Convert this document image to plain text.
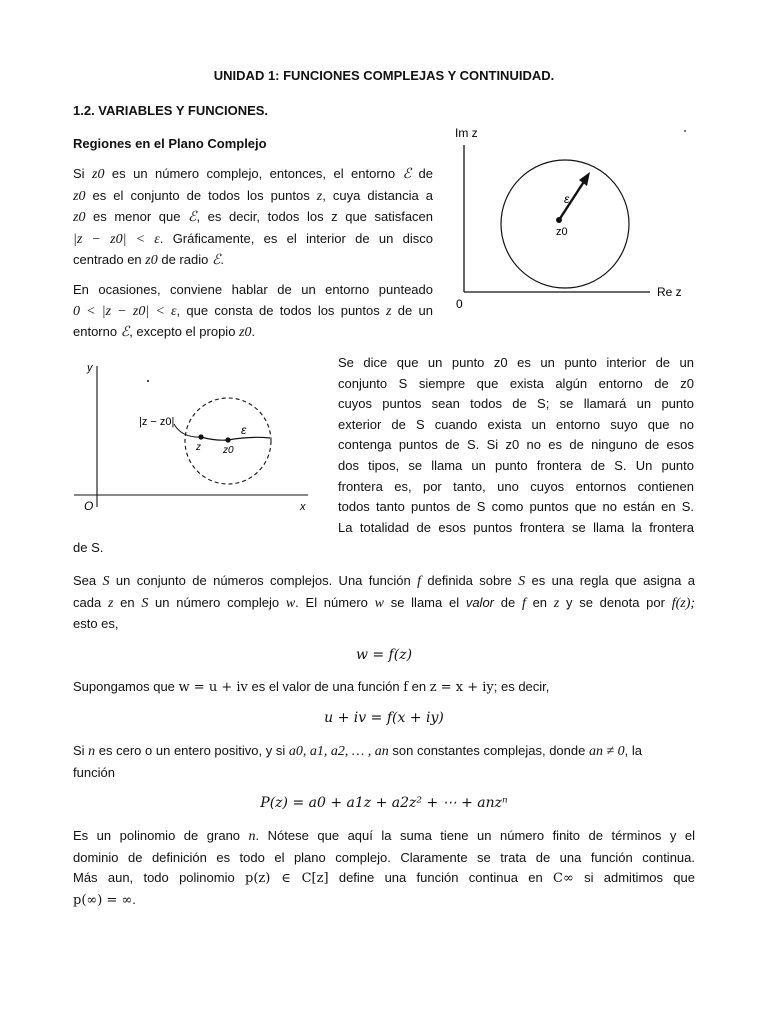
UNIDAD 1: FUNCIONES COMPLEJAS Y CONTINUIDAD.
1.2. VARIABLES Y FUNCIONES.
Regiones en el Plano Complejo
Si z0 es un número complejo, entonces, el entorno ℰ de
z0 es el conjunto de todos los puntos z, cuya distancia a
z0 es menor que ℰ, es decir, todos los z que satisfacen
|z − z0| < ε. Gráficamente, es el interior de un disco
centrado en z0 de radio ℰ.
En ocasiones, conviene hablar de un entorno punteado
0 < |z − z0| < ε, que consta de todos los puntos z de un
entorno ℰ, excepto el propio z0.
Im z
Re z
0
ε
z0
y
x
O
|z − z0|
ε
z z0
Se dice que un punto z0 es un punto interior de un
conjunto S siempre que exista algún entorno de z0
cuyos puntos sean todos de S; se llamará un punto
exterior de S cuando exista un entorno suyo que no
contenga puntos de S. Si z0 no es de ninguno de esos
dos tipos, se llama un punto frontera de S. Un punto
frontera es, por tanto, uno cuyos entornos contienen
todos tanto puntos de S como puntos que no están en S.
La totalidad de esos puntos frontera se llama la frontera
de S.
Sea S un conjunto de números complejos. Una función f definida sobre S es una regla que asigna a
cada z en S un número complejo w. El número w se llama el valor de f en z y se denota por f(z);
esto es,
w = f(z)
Supongamos que w = u + iv es el valor de una función f en z = x + iy; es decir,
u + iv = f(x + iy)
Si n es cero o un entero positivo, y si a0, a1, a2, … , an son constantes complejas, donde an ≠ 0, la
función
P(z) = a0 + a1z + a2z² + ⋯ + anzⁿ
Es un polinomio de grano n. Nótese que aquí la suma tiene un número finito de términos y el
dominio de definición es todo el plano complejo. Claramente se trata de una función continua.
Más aun, todo polinomio p(z) ∈ C[z] define una función continua en C∞ si admitimos que
p(∞) = ∞.
